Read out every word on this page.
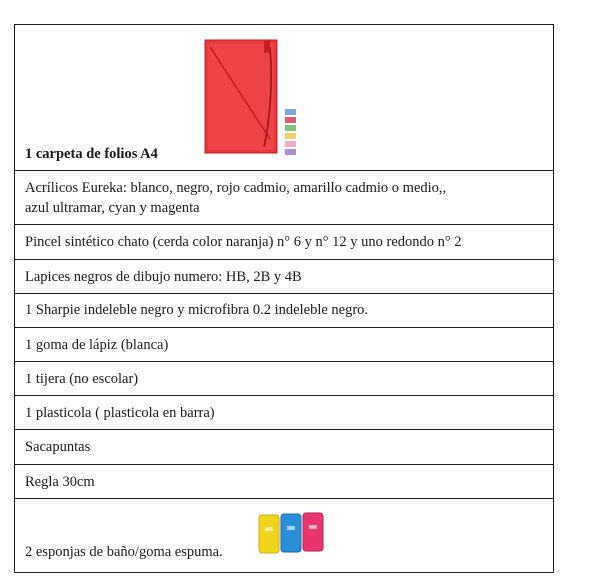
1 carpeta de folios A4
Acrílicos Eureka: blanco, negro, rojo cadmio, amarillo cadmio o medio,,
azul ultramar, cyan y magenta
Pincel sintético chato (cerda color naranja) n° 6 y n° 12 y uno redondo n° 2
Lapices negros de dibujo numero: HB, 2B y 4B
1 Sharpie indeleble negro y microfibra 0.2 indeleble negro.
1 goma de lápiz (blanca)
1 tijera (no escolar)
1 plasticola ( plasticola en barra)
Sacapuntas
Regla 30cm
2 esponjas de baño/goma espuma.
